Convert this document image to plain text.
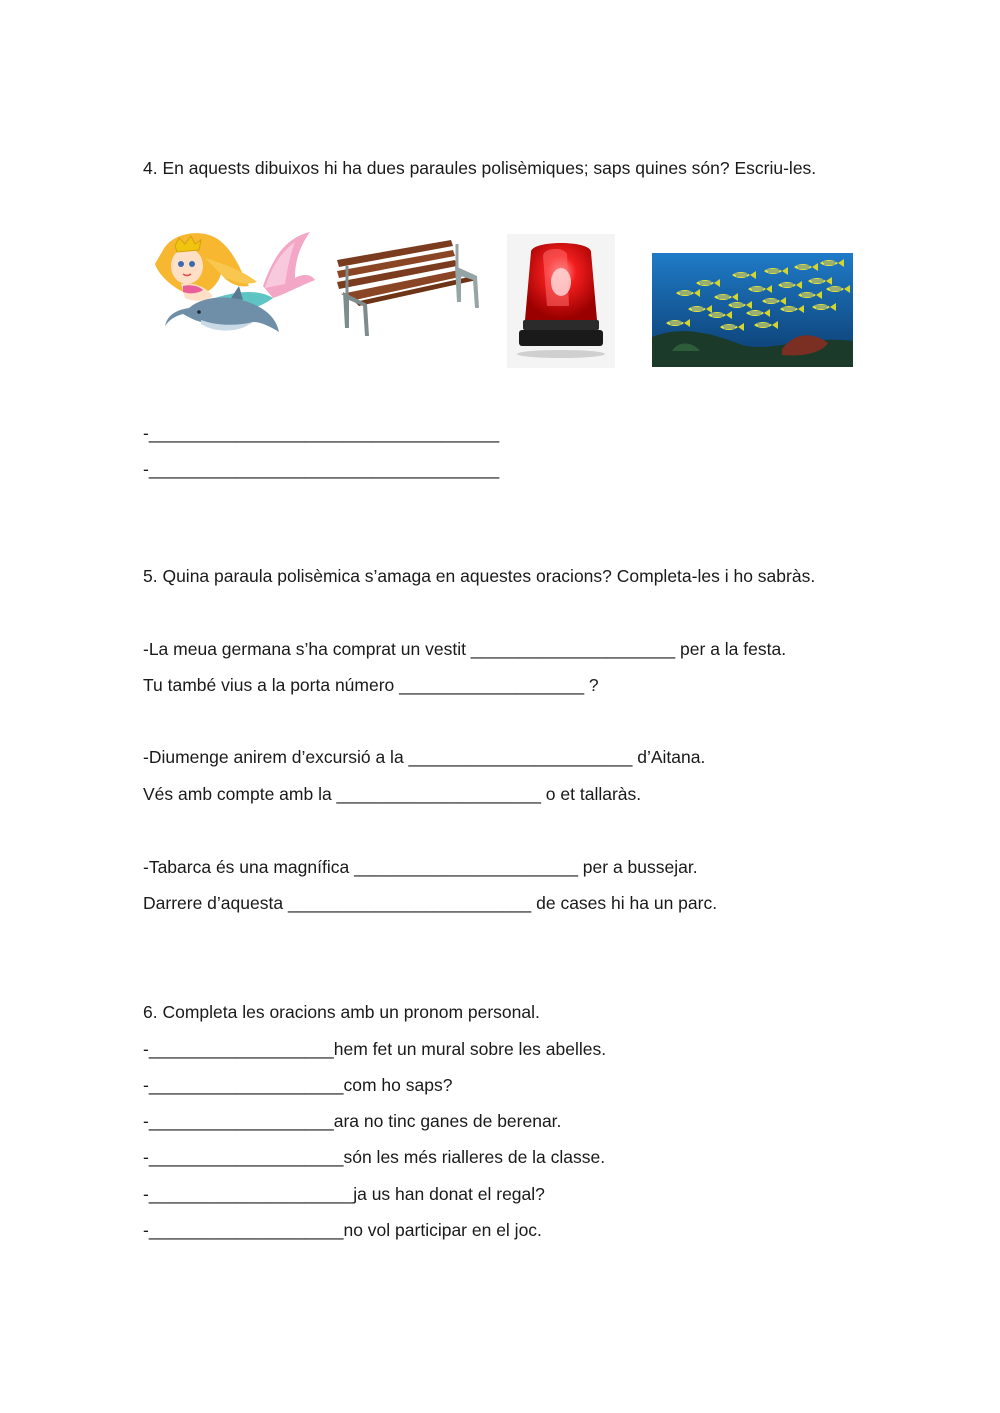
4. En aquests dibuixos hi ha dues paraules polisèmiques; saps quines són? Escriu-les.
-____________________________________
-____________________________________
5. Quina paraula polisèmica s’amaga en aquestes oracions? Completa-les i ho sabràs.
-La meua germana s’ha comprat un vestit _____________________ per a la festa.
Tu també vius a la porta número ___________________ ?
-Diumenge anirem d’excursió a la _______________________ d’Aitana.
Vés amb compte amb la _____________________ o et tallaràs.
-Tabarca és una magnífica _______________________ per a bussejar.
Darrere d’aquesta _________________________ de cases hi ha un parc.
6. Completa les oracions amb un pronom personal.
-___________________hem fet un mural sobre les abelles.
-____________________com ho saps?
-___________________ara no tinc ganes de berenar.
-____________________són les més rialleres de la classe.
-_____________________ja us han donat el regal?
-____________________no vol participar en el joc.
